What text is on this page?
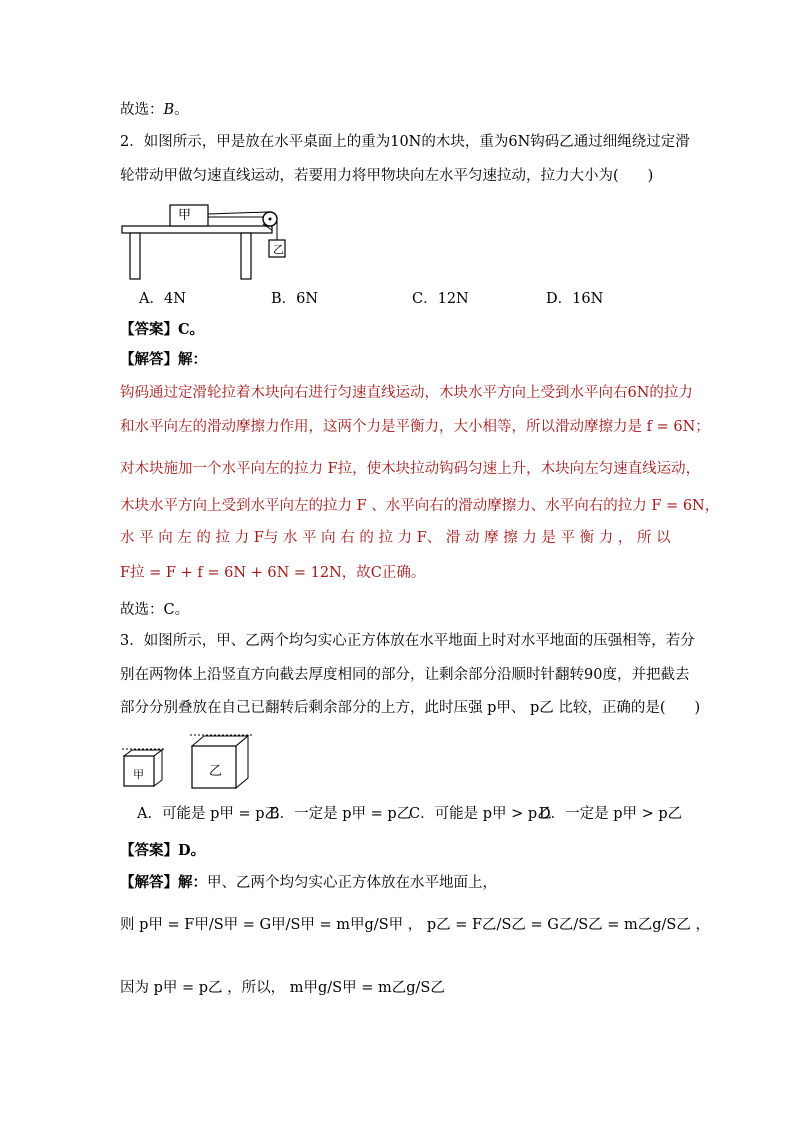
故选：B。
2．如图所示，甲是放在水平桌面上的重为10N的木块，重为6N钩码乙通过细绳绕过定滑
轮带动甲做匀速直线运动，若要用力将甲物块向左水平匀速拉动，拉力大小为(　　)
甲
乙
A．4N	B．6N	C．12N	D．16N
【答案】C。
【解答】解：
钩码通过定滑轮拉着木块向右进行匀速直线运动，木块水平方向上受到水平向右6N的拉力
和水平向左的滑动摩擦力作用，这两个力是平衡力，大小相等，所以滑动摩擦力是 f = 6N；
对木块施加一个水平向左的拉力 F拉，使木块拉动钩码匀速上升，木块向左匀速直线运动，
木块水平方向上受到水平向左的拉力 F 、水平向右的滑动摩擦力、水平向右的拉力 F = 6N，
水 平 向 左 的 拉 力 F与 水 平 向 右 的 拉 力 F、 滑 动 摩 擦 力 是 平 衡 力 ， 所 以
F拉 = F + f = 6N + 6N = 12N，故C正确。
故选：C。
3．如图所示，甲、乙两个均匀实心正方体放在水平地面上时对水平地面的压强相等，若分
别在两物体上沿竖直方向截去厚度相同的部分，让剩余部分沿顺时针翻转90度，并把截去
部分分别叠放在自己已翻转后剩余部分的上方，此时压强 p甲、 p乙 比较，正确的是(　　)
甲	乙
A．可能是 p甲 = p乙
B．一定是 p甲 = p乙
C．可能是 p甲 > p乙
D．一定是 p甲 > p乙
【答案】D。
【解答】解：甲、乙两个均匀实心正方体放在水平地面上，
则 p甲 = F甲/S甲 = G甲/S甲 = m甲g/S甲 ， p乙 = F乙/S乙 = G乙/S乙 = m乙g/S乙 ，
因为 p甲 = p乙 ，所以， m甲g/S甲 = m乙g/S乙
